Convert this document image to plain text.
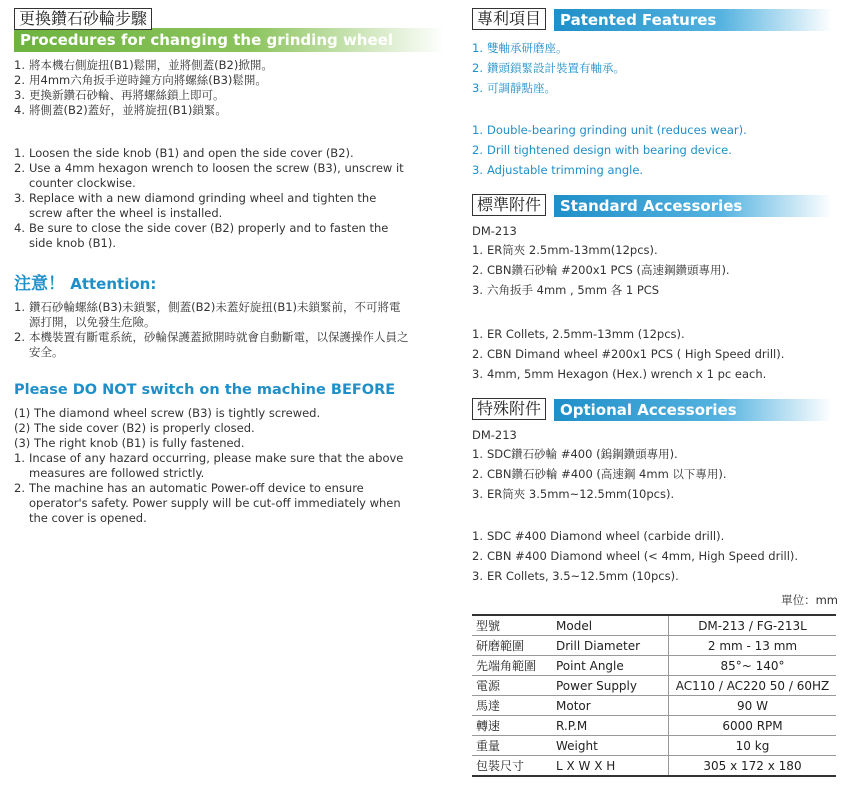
更換鑽石砂輪步驟
Procedures for changing the grinding wheel
1. 將本機右側旋扭(B1)鬆開，並將側蓋(B2)掀開。
2. 用4mm六角扳手逆時鐘方向將螺絲(B3)鬆開。
3. 更換新鑽石砂輪、再將螺絲鎖上即可。
4. 將側蓋(B2)蓋好，並將旋扭(B1)鎖緊。
1. Loosen the side knob (B1) and open the side cover (B2).
2. Use a 4mm hexagon wrench to loosen the screw (B3), unscrew it counter clockwise.
3. Replace with a new diamond grinding wheel and tighten the screw after the wheel is installed.
4. Be sure to close the side cover (B2) properly and to fasten the side knob (B1).
注意！ Attention:
1. 鑽石砂輪螺絲(B3)未鎖緊，側蓋(B2)未蓋好旋扭(B1)未鎖緊前，不可將電源打開，以免發生危險。
2. 本機裝置有斷電系統，砂輪保護蓋掀開時就會自動斷電，以保護操作人員之安全。
Please DO NOT switch on the machine BEFORE
(1) The diamond wheel screw (B3) is tightly screwed.
(2) The side cover (B2) is properly closed.
(3) The right knob (B1) is fully fastened.
1. Incase of any hazard occurring, please make sure that the above measures are followed strictly.
2. The machine has an automatic Power-off device to ensure operator's safety. Power supply will be cut-off immediately when the cover is opened.
專利項目	Patented Features
1. 雙軸承研磨座。
2. 鑽頭鎖緊設計裝置有軸承。
3. 可調靜點座。
1. Double-bearing grinding unit (reduces wear).
2. Drill tightened design with bearing device.
3. Adjustable trimming angle.
標準附件	Standard Accessories
DM-213
1. ER筒夾 2.5mm-13mm(12pcs).
2. CBN鑽石砂輪 #200x1 PCS (高速鋼鑽頭專用).
3. 六角扳手 4mm , 5mm 各 1 PCS
1. ER Collets, 2.5mm-13mm (12pcs).
2. CBN Dimand wheel #200x1 PCS ( High Speed drill).
3. 4mm, 5mm Hexagon (Hex.) wrench x 1 pc each.
特殊附件	Optional Accessories
DM-213
1. SDC鑽石砂輪 #400 (鎢鋼鑽頭專用).
2. CBN鑽石砂輪 #400 (高速鋼 4mm 以下專用).
3. ER筒夾 3.5mm~12.5mm(10pcs).
1. SDC #400 Diamond wheel (carbide drill).
2. CBN #400 Diamond wheel (< 4mm, High Speed drill).
3. ER Collets, 3.5~12.5mm (10pcs).
單位：mm
型號	Model	DM-213 / FG-213L
研磨範圍	Drill Diameter	2 mm - 13 mm
先端角範圍	Point Angle	85°~ 140°
電源	Power Supply	AC110 / AC220 50 / 60HZ
馬達	Motor	90 W
轉速	R.P.M	6000 RPM
重量	Weight	10 kg
包裝尺寸	L X W X H	305 x 172 x 180
